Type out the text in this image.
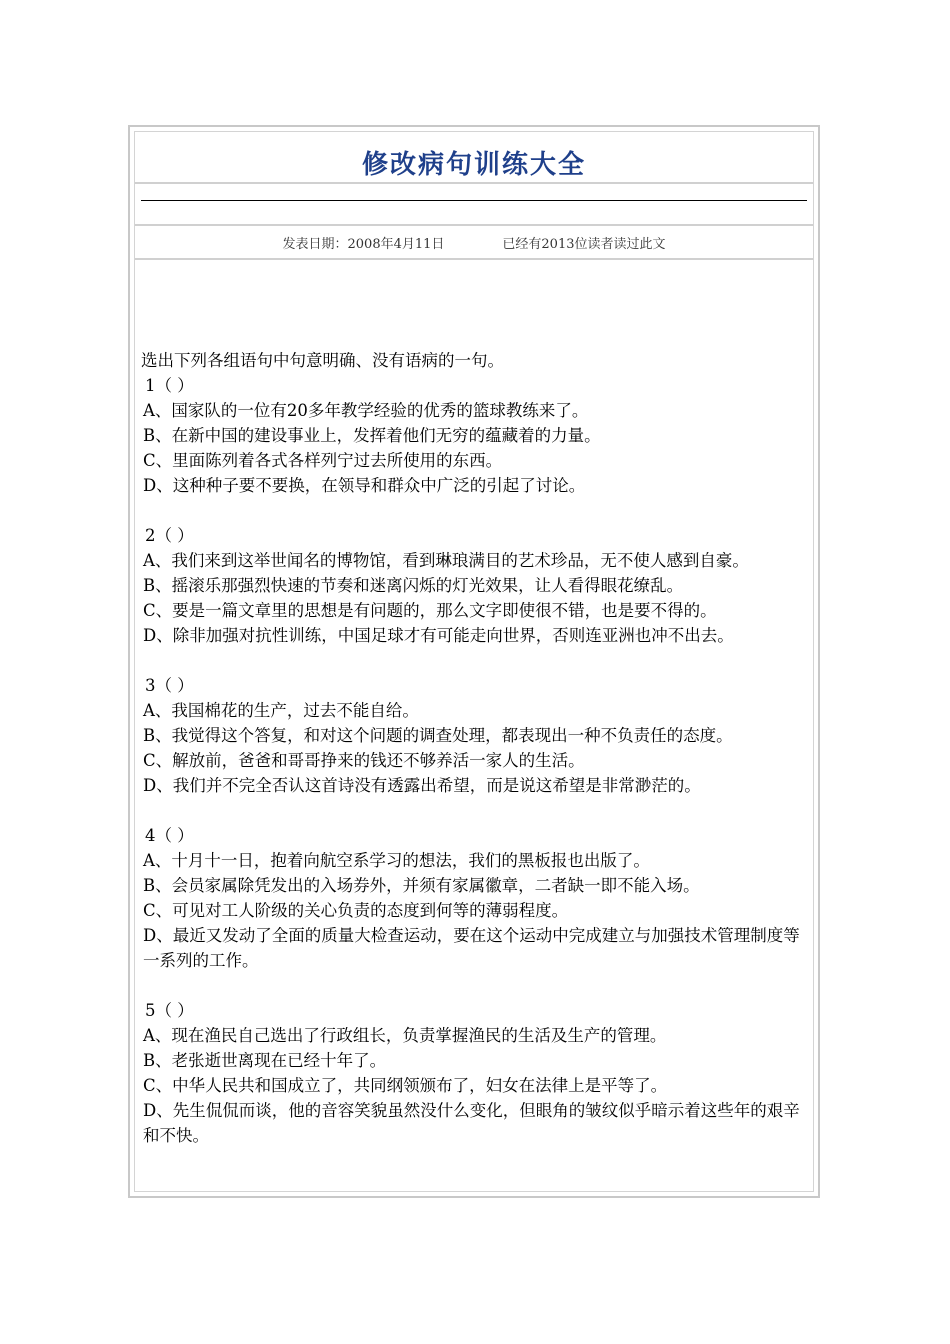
修改病句训练大全
发表日期：2008年4月11日	已经有2013位读者读过此文

选出下列各组语句中句意明确、没有语病的一句。

1（ ）

A、国家队的一位有20多年教学经验的优秀的篮球教练来了。

B、在新中国的建设事业上，发挥着他们无穷的蕴藏着的力量。

C、里面陈列着各式各样列宁过去所使用的东西。

D、这种种子要不要换，在领导和群众中广泛的引起了讨论。

2（ ）

A、我们来到这举世闻名的博物馆，看到琳琅满目的艺术珍品，无不使人感到自豪。

B、摇滚乐那强烈快速的节奏和迷离闪烁的灯光效果，让人看得眼花缭乱。

C、要是一篇文章里的思想是有问题的，那么文字即使很不错，也是要不得的。

D、除非加强对抗性训练，中国足球才有可能走向世界，否则连亚洲也冲不出去。

3（ ）

A、我国棉花的生产，过去不能自给。

B、我觉得这个答复，和对这个问题的调查处理，都表现出一种不负责任的态度。

C、解放前，爸爸和哥哥挣来的钱还不够养活一家人的生活。

D、我们并不完全否认这首诗没有透露出希望，而是说这希望是非常渺茫的。

4（ ）

A、十月十一日，抱着向航空系学习的想法，我们的黑板报也出版了。

B、会员家属除凭发出的入场券外，并须有家属徽章，二者缺一即不能入场。

C、可见对工人阶级的关心负责的态度到何等的薄弱程度。

D、最近又发动了全面的质量大检查运动，要在这个运动中完成建立与加强技术管理制度等一系列的工作。

5（ ）

A、现在渔民自己选出了行政组长，负责掌握渔民的生活及生产的管理。

B、老张逝世离现在已经十年了。

C、中华人民共和国成立了，共同纲领颁布了，妇女在法律上是平等了。

D、先生侃侃而谈，他的音容笑貌虽然没什么变化，但眼角的皱纹似乎暗示着这些年的艰辛和不快。
